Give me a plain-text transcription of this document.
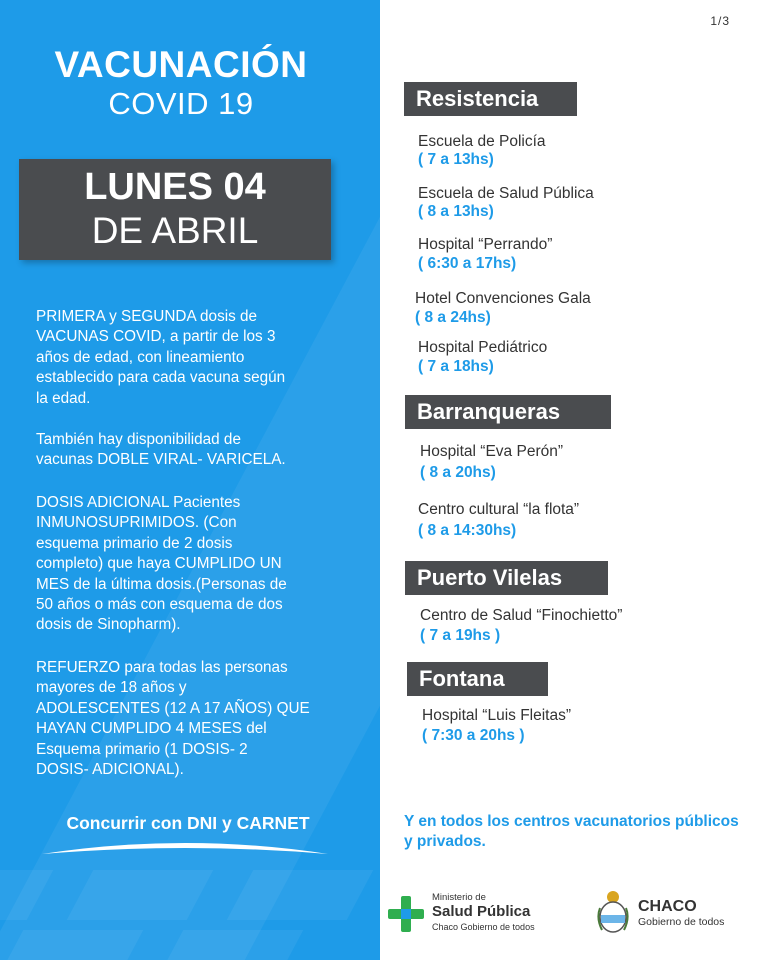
VACUNACIÓN
COVID 19
LUNES 04
DE ABRIL
PRIMERA y SEGUNDA dosis de
VACUNAS COVID, a partir de los 3
años de edad, con lineamiento
establecido para cada vacuna según
la edad.
También hay disponibilidad de
vacunas DOBLE VIRAL- VARICELA.
DOSIS ADICIONAL Pacientes
INMUNOSUPRIMIDOS. (Con
esquema primario de 2 dosis
completo) que haya CUMPLIDO UN
MES de la última dosis.(Personas de
50 años o más con esquema de dos
dosis de Sinopharm).
REFUERZO para todas las personas
mayores de 18 años y
ADOLESCENTES (12 A 17 AÑOS) QUE
HAYAN CUMPLIDO 4 MESES del
Esquema primario (1 DOSIS- 2
DOSIS- ADICIONAL).
Concurrir con DNI y CARNET
1/3
Resistencia
Escuela de Policía
( 7 a 13hs)
Escuela de Salud Pública
( 8 a 13hs)
Hospital “Perrando”
( 6:30 a 17hs)
Hotel Convenciones Gala
( 8 a 24hs)
Hospital Pediátrico
( 7 a 18hs)
Barranqueras
Hospital “Eva Perón”
( 8 a 20hs)
Centro cultural “la flota”
( 8 a 14:30hs)
Puerto Vilelas
Centro de Salud “Finochietto”
( 7 a 19hs )
Fontana
Hospital “Luis Fleitas”
( 7:30 a 20hs )
Y en todos los centros vacunatorios públicos y privados.
Ministerio de
Salud Pública
Chaco Gobierno de todos
CHACO
Gobierno de todos
